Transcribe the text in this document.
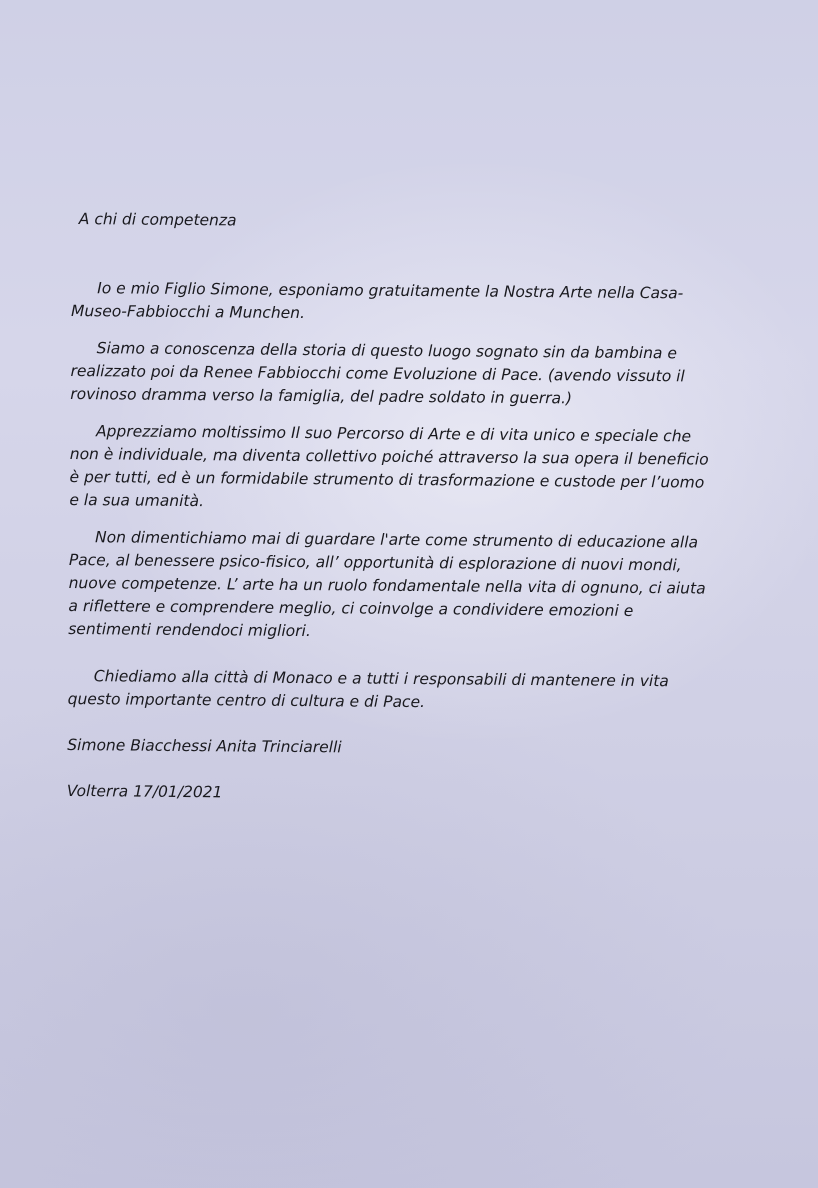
A chi di competenza

Io e mio Figlio Simone, esponiamo gratuitamente la Nostra Arte nella Casa-Museo-Fabbiocchi a Munchen.

Siamo a conoscenza della storia di questo luogo sognato sin da bambina e realizzato poi da Renee Fabbiocchi come Evoluzione di Pace. (avendo vissuto il rovinoso dramma verso la famiglia, del padre soldato in guerra.)

Apprezziamo moltissimo Il suo Percorso di Arte e di vita unico e speciale che non è individuale, ma diventa collettivo poiché attraverso la sua opera il beneficio è per tutti, ed è un formidabile strumento di trasformazione e custode per l’uomo e la sua umanità.

Non dimentichiamo mai di guardare l'arte come strumento di educazione alla Pace, al benessere psico-fisico, all’ opportunità di esplorazione di nuovi mondi, nuove competenze. L’ arte ha un ruolo fondamentale nella vita di ognuno, ci aiuta a riflettere e comprendere meglio, ci coinvolge a condividere emozioni e sentimenti rendendoci migliori.

Chiediamo alla città di Monaco e a tutti i responsabili di mantenere in vita questo importante centro di cultura e di Pace.

Simone Biacchessi Anita Trinciarelli

Volterra 17/01/2021
